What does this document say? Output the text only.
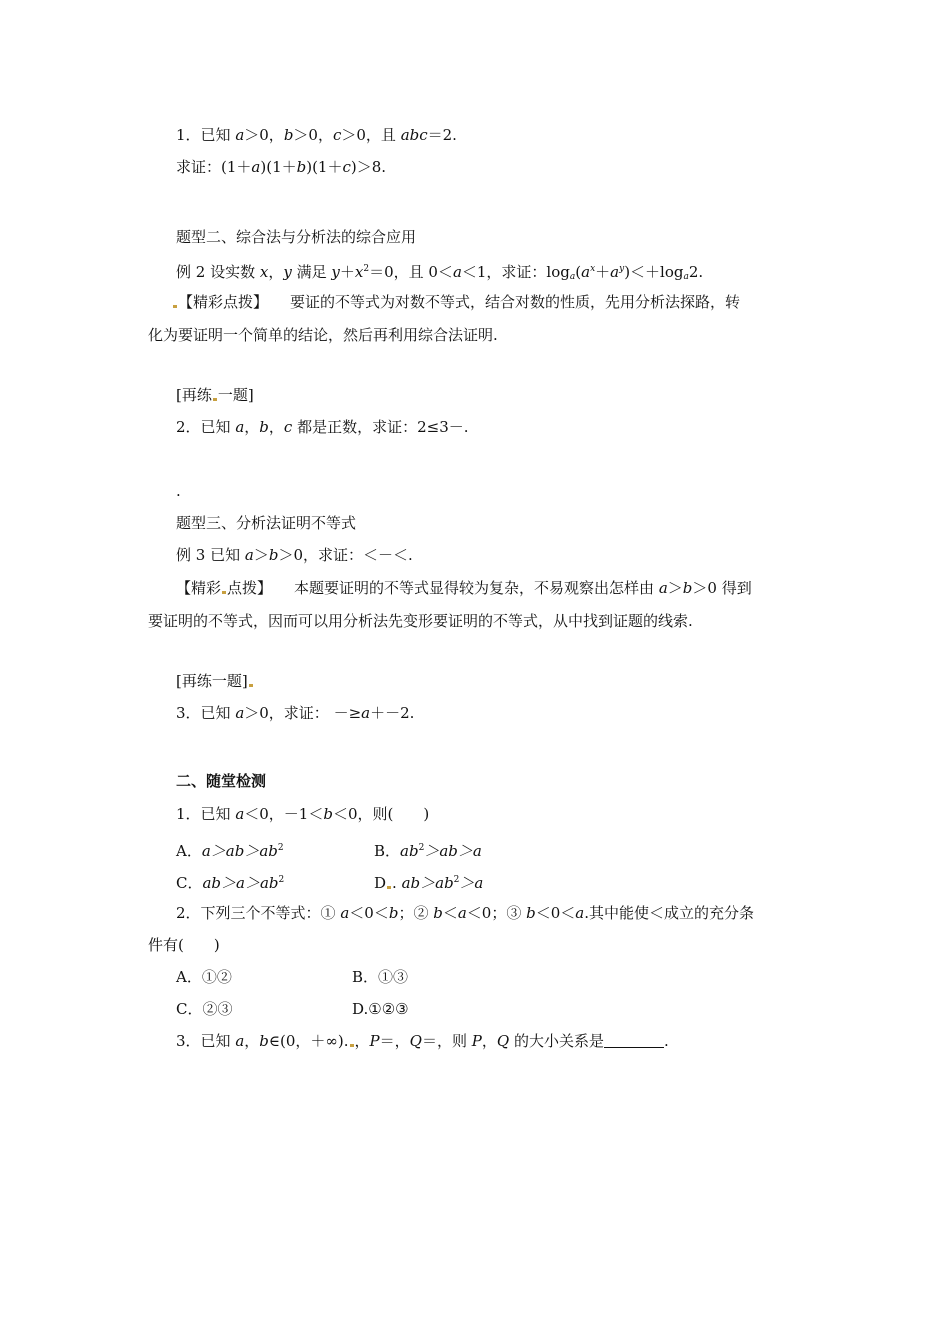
1．已知 a＞0，b＞0，c＞0，且 abc＝2.
求证：(1＋a)(1＋b)(1＋c)＞8.
题型二、综合法与分析法的综合应用
例 2 设实数 x，y 满足 $y+x^2=0$，且 0＜a＜1，求证：$\log_a(a^x+a^y)<+\log_a2$.
【精彩点拨】 要证的不等式为对数不等式，结合对数的性质，先用分析法探路，转
化为要证明一个简单的结论，然后再利用综合法证明.
[再练 一题]
2．已知 a，b，c 都是正数，求证：2≤3－.
.
题型三、分析法证明不等式
例 3 已知 a＞b＞0，求证：＜－＜.
【精彩 点拨】 本题要证明的不等式显得较为复杂，不易观察出怎样由 a＞b＞0 得到
要证明的不等式，因而可以用分析法先变形要证明的不等式，从中找到证题的线索.
[再练一题]
3．已知 a＞0，求证： －≥a＋－2.
二、随堂检测
1．已知 a＜0，－1＜b＜0，则(　　)
A．$a>ab>ab^2$	B．$ab^2>ab>a$
C．$ab>a>ab^2$	D . $ab>ab^2>a$
2．下列三个不等式：① a＜0＜b；② b＜a＜0；③ b＜0＜a.其中能使＜成立的充分条
件有(　　)
A．①②	B．①③
C．②③	D.①②③
3．已知 a，b∈(0，＋∞). ，P＝，Q＝，则 P，Q 的大小关系是	.
